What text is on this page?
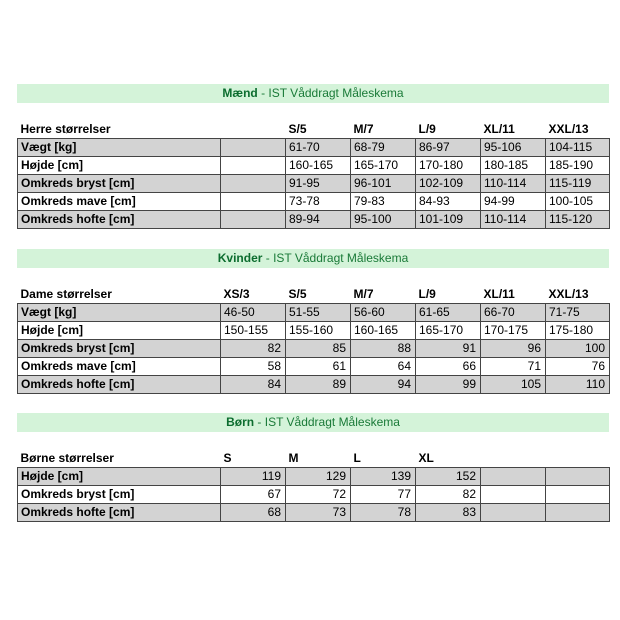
Mænd - IST Våddragt Måleskema
Herre størrelser		S/5	M/7	L/9	XL/11	XXL/13
Vægt [kg]		61-70	68-79	86-97	95-106	104-115
Højde [cm]		160-165	165-170	170-180	180-185	185-190
Omkreds bryst [cm]		91-95	96-101	102-109	110-114	115-119
Omkreds mave [cm]		73-78	79-83	84-93	94-99	100-105
Omkreds hofte [cm]		89-94	95-100	101-109	110-114	115-120
Kvinder - IST Våddragt Måleskema
Dame størrelser	XS/3	S/5	M/7	L/9	XL/11	XXL/13
Vægt [kg]	46-50	51-55	56-60	61-65	66-70	71-75
Højde [cm]	150-155	155-160	160-165	165-170	170-175	175-180
Omkreds bryst [cm]	82	85	88	91	96	100
Omkreds mave [cm]	58	61	64	66	71	76
Omkreds hofte [cm]	84	89	94	99	105	110
Børn - IST Våddragt Måleskema
Børne størrelser	S	M	L	XL		
Højde [cm]	119	129	139	152		
Omkreds bryst [cm]	67	72	77	82		
Omkreds hofte [cm]	68	73	78	83		
